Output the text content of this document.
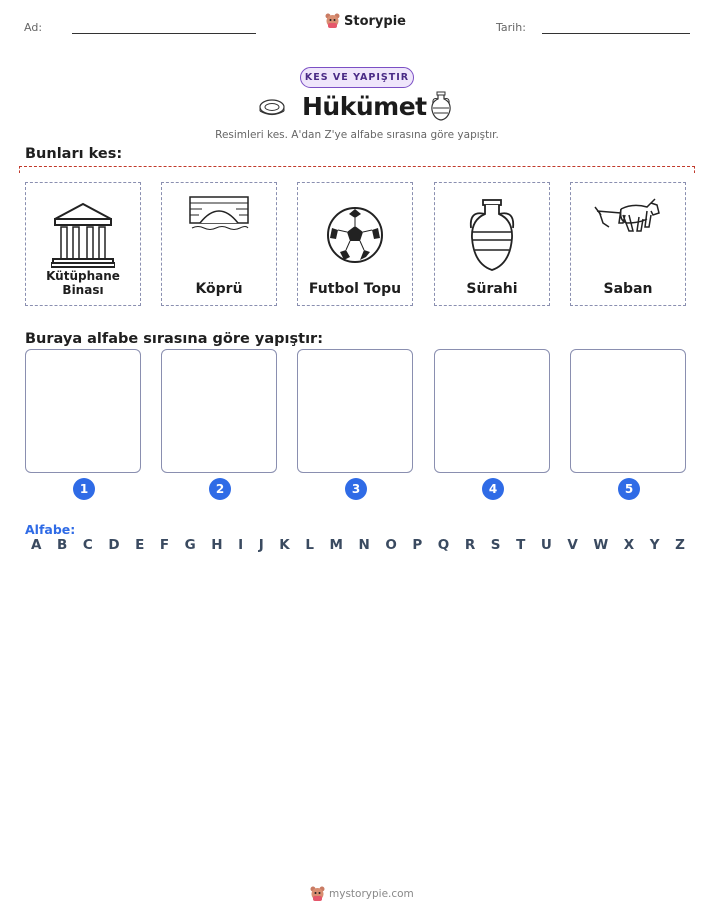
Ad:	Storypie	Tarih:
KES VE YAPIŞTIR
Hükümet
Resimleri kes. A'dan Z'ye alfabe sırasına göre yapıştır.
Bunları kes:
Kütüphane Binası	Köprü	Futbol Topu	Sürahi	Saban
Buraya alfabe sırasına göre yapıştır:
1	2	3	4	5
Alfabe:
A B C D E F G H I J K L M N O P Q R S T U V W X Y Z
mystorypie.com
